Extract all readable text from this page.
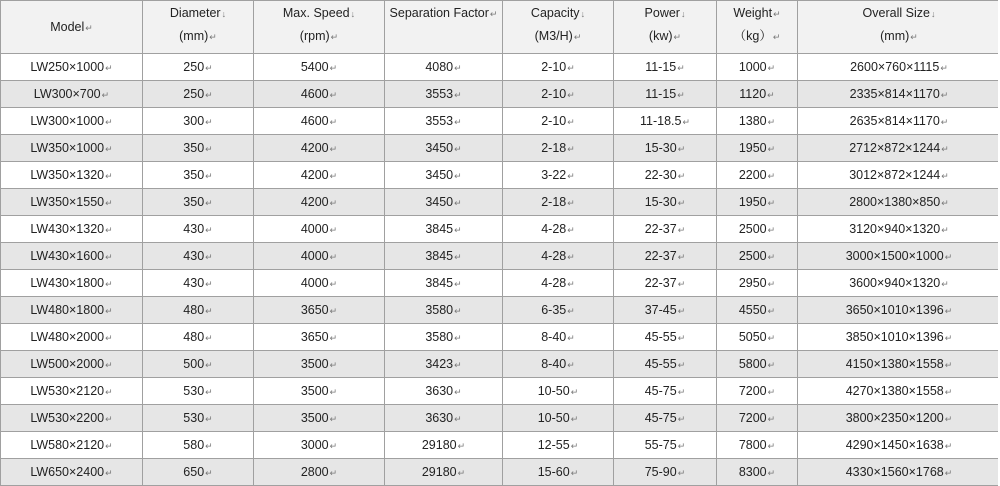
Model↵	Diameter↓
(mm)↵	Max. Speed↓
(rpm)↵	Separation Factor↵	Capacity↓
(M3/H)↵	Power↓
(kw)↵	Weight↵
（kg）↵	Overall Size↓
(mm)↵

LW250×1000↵	250↵	5400↵	4080↵	2-10↵	11-15↵	1000↵	2600×760×1115↵
LW300×700↵	250↵	4600↵	3553↵	2-10↵	11-15↵	1120↵	2335×814×1170↵
LW300×1000↵	300↵	4600↵	3553↵	2-10↵	11-18.5↵	1380↵	2635×814×1170↵
LW350×1000↵	350↵	4200↵	3450↵	2-18↵	15-30↵	1950↵	2712×872×1244↵
LW350×1320↵	350↵	4200↵	3450↵	3-22↵	22-30↵	2200↵	3012×872×1244↵
LW350×1550↵	350↵	4200↵	3450↵	2-18↵	15-30↵	1950↵	2800×1380×850↵
LW430×1320↵	430↵	4000↵	3845↵	4-28↵	22-37↵	2500↵	3120×940×1320↵
LW430×1600↵	430↵	4000↵	3845↵	4-28↵	22-37↵	2500↵	3000×1500×1000↵
LW430×1800↵	430↵	4000↵	3845↵	4-28↵	22-37↵	2950↵	3600×940×1320↵
LW480×1800↵	480↵	3650↵	3580↵	6-35↵	37-45↵	4550↵	3650×1010×1396↵
LW480×2000↵	480↵	3650↵	3580↵	8-40↵	45-55↵	5050↵	3850×1010×1396↵
LW500×2000↵	500↵	3500↵	3423↵	8-40↵	45-55↵	5800↵	4150×1380×1558↵
LW530×2120↵	530↵	3500↵	3630↵	10-50↵	45-75↵	7200↵	4270×1380×1558↵
LW530×2200↵	530↵	3500↵	3630↵	10-50↵	45-75↵	7200↵	3800×2350×1200↵
LW580×2120↵	580↵	3000↵	29180↵	12-55↵	55-75↵	7800↵	4290×1450×1638↵
LW650×2400↵	650↵	2800↵	29180↵	15-60↵	75-90↵	8300↵	4330×1560×1768↵
